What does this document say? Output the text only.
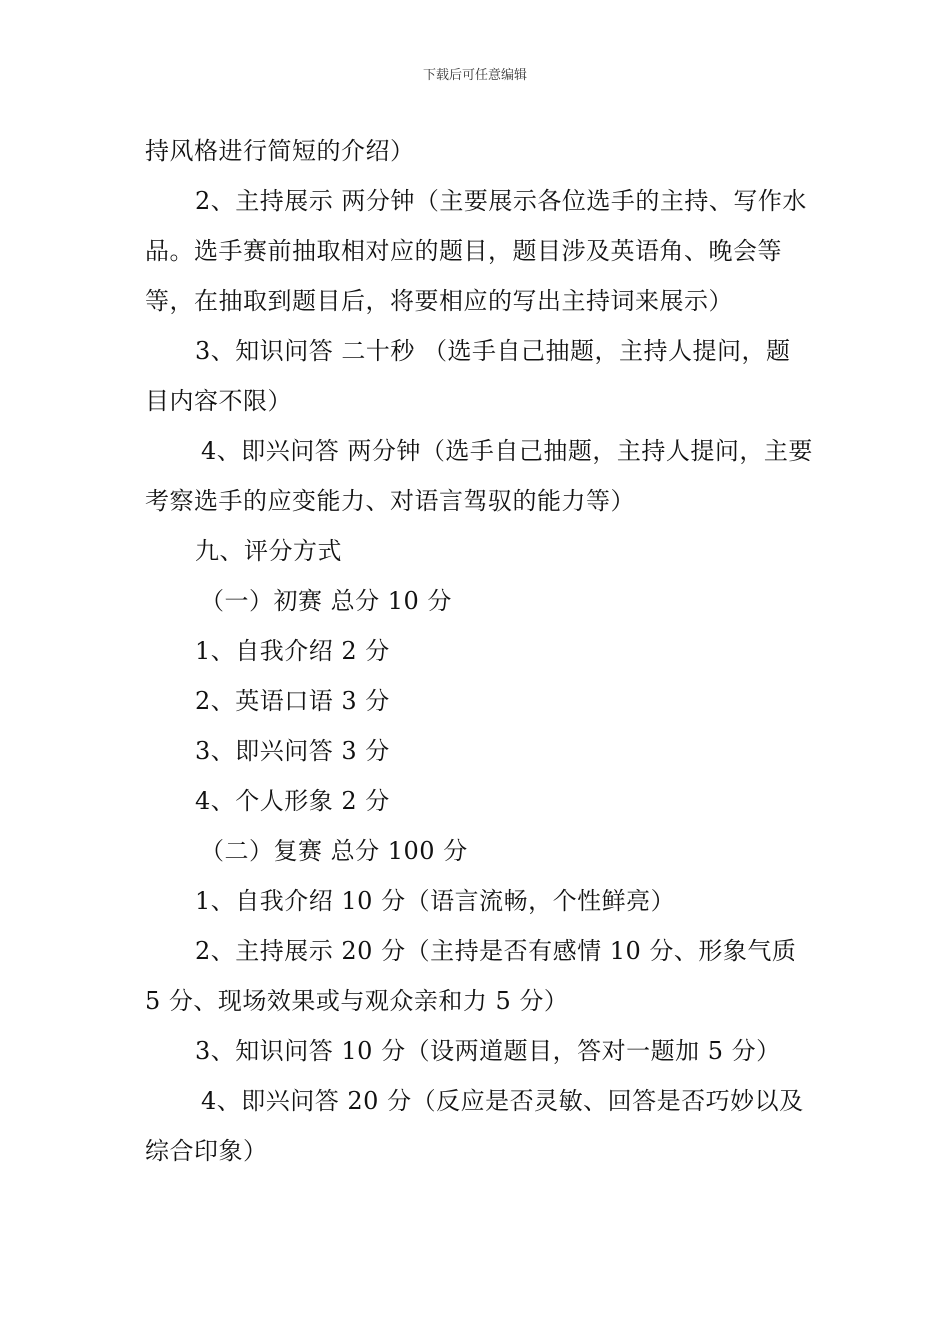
下载后可任意编辑

持风格进行简短的介绍）

2、主持展示 两分钟（主要展示各位选手的主持、写作水品。选手赛前抽取相对应的题目，题目涉及英语角、晚会等等，在抽取到题目后，将要相应的写出主持词来展示）

3、知识问答 二十秒 （选手自己抽题，主持人提问，题目内容不限）

4、即兴问答 两分钟（选手自己抽题，主持人提问，主要考察选手的应变能力、对语言驾驭的能力等）

九、评分方式

（一）初赛 总分 10 分

1、自我介绍 2 分

2、英语口语 3 分

3、即兴问答 3 分

4、个人形象 2 分

（二）复赛 总分 100 分

1、自我介绍 10 分（语言流畅，个性鲜亮）

2、主持展示 20 分（主持是否有感情 10 分、形象气质 5 分、现场效果或与观众亲和力 5 分）

3、知识问答 10 分（设两道题目，答对一题加 5 分）

4、即兴问答 20 分（反应是否灵敏、回答是否巧妙以及综合印象）
